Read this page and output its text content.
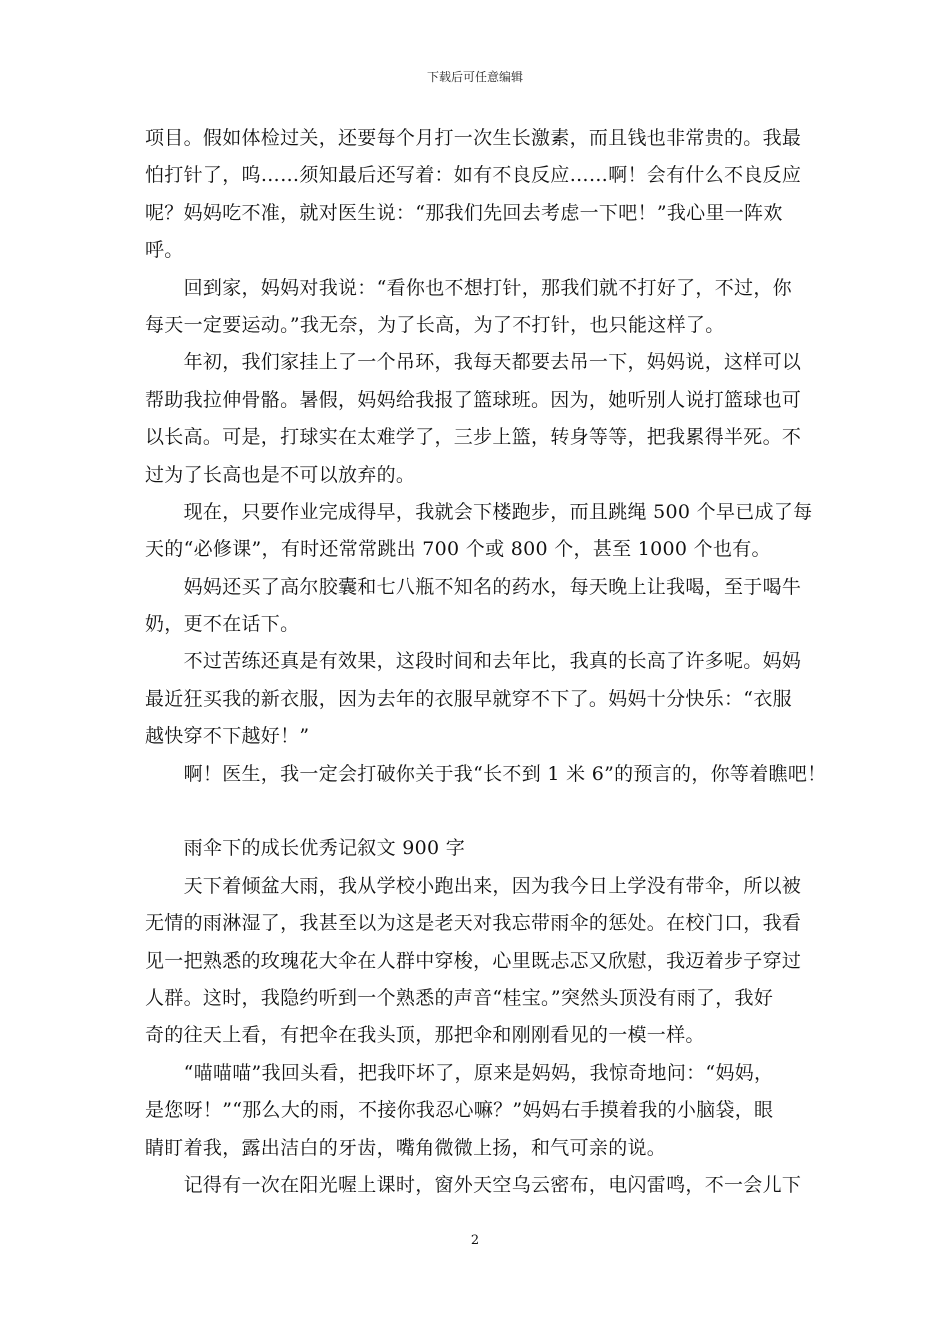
下载后可任意编辑
项目。假如体检过关，还要每个月打一次生长激素，而且钱也非常贵的。我最
怕打针了，呜……须知最后还写着：如有不良反应……啊！会有什么不良反应
呢？妈妈吃不准，就对医生说：“那我们先回去考虑一下吧！”我心里一阵欢
呼。
　　回到家，妈妈对我说：“看你也不想打针，那我们就不打好了，不过，你
每天一定要运动。”我无奈，为了长高，为了不打针，也只能这样了。
　　年初，我们家挂上了一个吊环，我每天都要去吊一下，妈妈说，这样可以
帮助我拉伸骨骼。暑假，妈妈给我报了篮球班。因为，她听别人说打篮球也可
以长高。可是，打球实在太难学了，三步上篮，转身等等，把我累得半死。不
过为了长高也是不可以放弃的。
　　现在，只要作业完成得早，我就会下楼跑步，而且跳绳 500 个早已成了每
天的“必修课”，有时还常常跳出 700 个或 800 个，甚至 1000 个也有。
　　妈妈还买了高尔胶囊和七八瓶不知名的药水，每天晚上让我喝，至于喝牛
奶，更不在话下。
　　不过苦练还真是有效果，这段时间和去年比，我真的长高了许多呢。妈妈
最近狂买我的新衣服，因为去年的衣服早就穿不下了。妈妈十分快乐：“衣服
越快穿不下越好！”
　　啊！医生，我一定会打破你关于我“长不到 1 米 6”的预言的，你等着瞧吧！
　　雨伞下的成长优秀记叙文 900 字
　　天下着倾盆大雨，我从学校小跑出来，因为我今日上学没有带伞，所以被
无情的雨淋湿了，我甚至以为这是老天对我忘带雨伞的惩处。在校门口，我看
见一把熟悉的玫瑰花大伞在人群中穿梭，心里既忐忑又欣慰，我迈着步子穿过
人群。这时，我隐约听到一个熟悉的声音“桂宝。”突然头顶没有雨了，我好
奇的往天上看，有把伞在我头顶，那把伞和刚刚看见的一模一样。
　　“喵喵喵”我回头看，把我吓坏了，原来是妈妈，我惊奇地问：“妈妈，
是您呀！”“那么大的雨，不接你我忍心嘛？”妈妈右手摸着我的小脑袋，眼
睛盯着我，露出洁白的牙齿，嘴角微微上扬，和气可亲的说。
　　记得有一次在阳光喔上课时，窗外天空乌云密布，电闪雷鸣，不一会儿下
2
